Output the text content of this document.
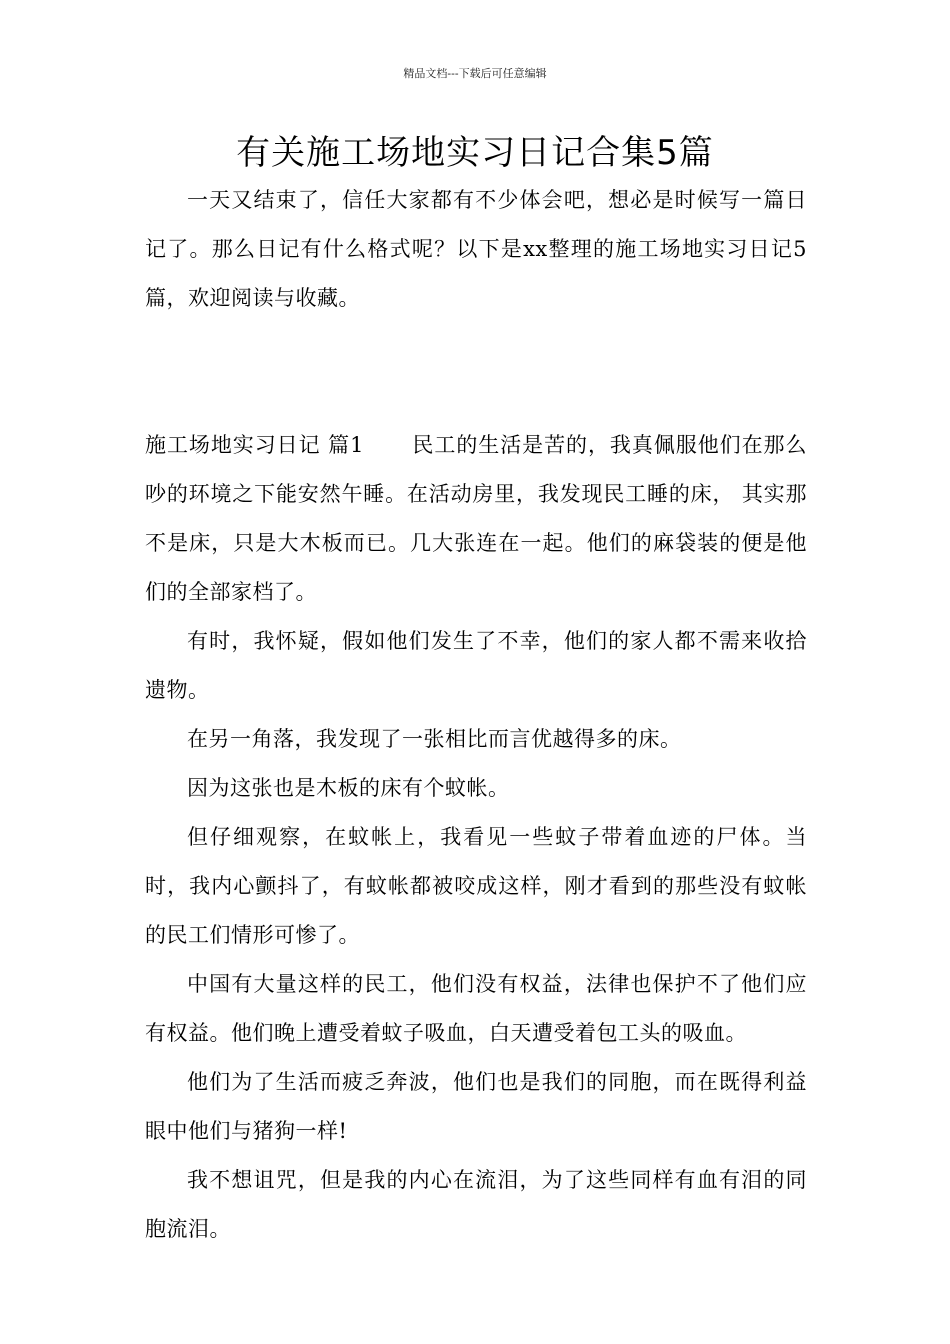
精品文档---下载后可任意编辑
有关施工场地实习日记合集5篇

一天又结束了，信任大家都有不少体会吧，想必是时候写一篇日记了。那么日记有什么格式呢？以下是xx整理的施工场地实习日记5篇，欢迎阅读与收藏。

施工场地实习日记 篇1 民工的生活是苦的，我真佩服他们在那么吵的环境之下能安然午睡。在活动房里，我发现民工睡的床， 其实那不是床，只是大木板而已。几大张连在一起。他们的麻袋装的便是他们的全部家档了。

有时，我怀疑，假如他们发生了不幸，他们的家人都不需来收拾遗物。

在另一角落，我发现了一张相比而言优越得多的床。

因为这张也是木板的床有个蚊帐。

但仔细观察，在蚊帐上，我看见一些蚊子带着血迹的尸体。当时，我内心颤抖了，有蚊帐都被咬成这样，刚才看到的那些没有蚊帐的民工们情形可惨了。

中国有大量这样的民工，他们没有权益，法律也保护不了他们应有权益。他们晚上遭受着蚊子吸血，白天遭受着包工头的吸血。

他们为了生活而疲乏奔波，他们也是我们的同胞，而在既得利益眼中他们与猪狗一样!

我不想诅咒，但是我的内心在流泪，为了这些同样有血有泪的同胞流泪。
